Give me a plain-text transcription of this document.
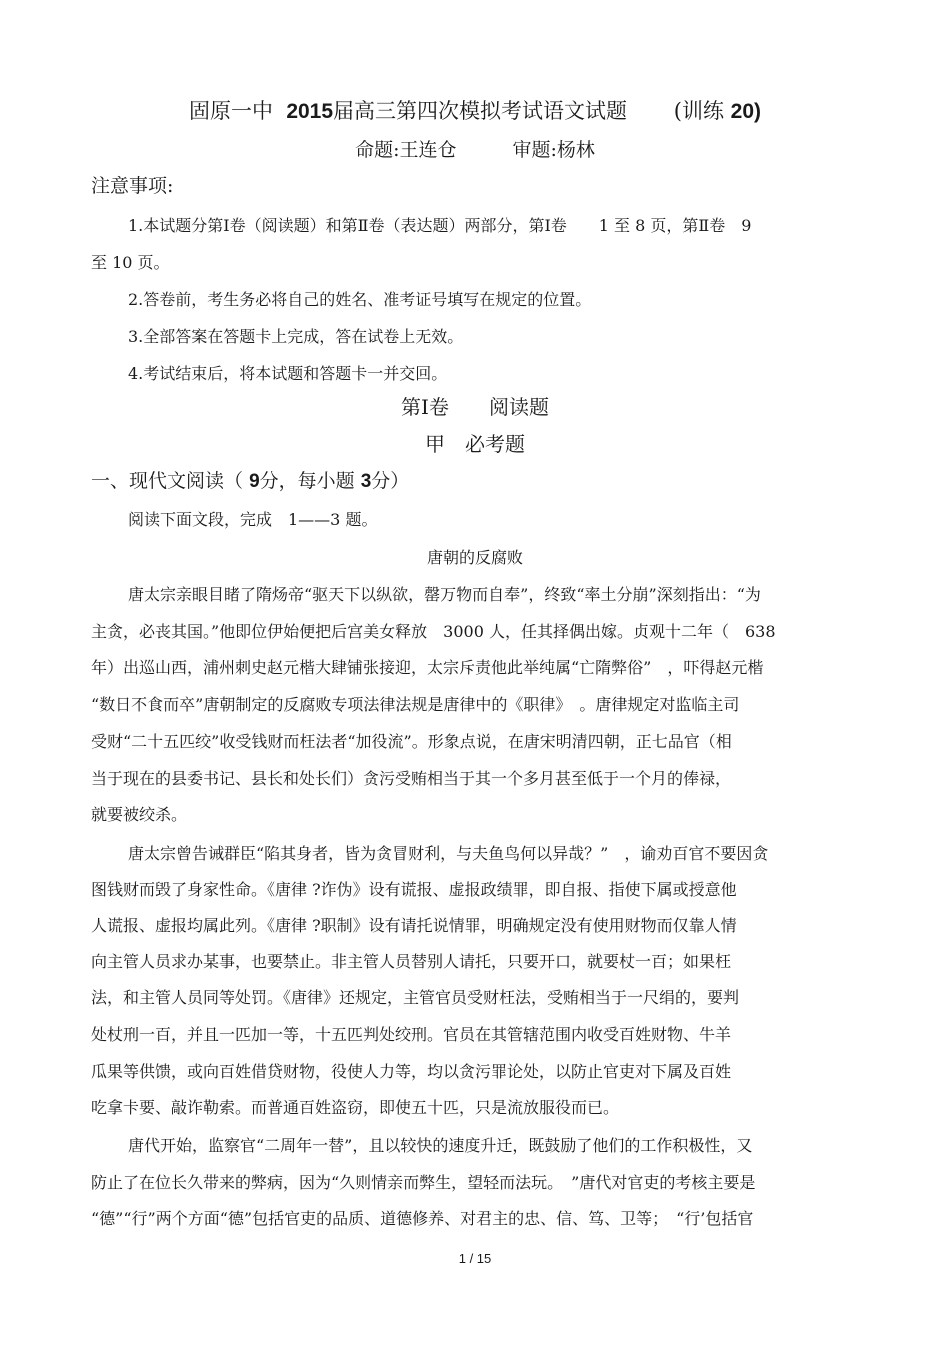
固原一中 2015届高三第四次模拟考试语文试题 (训练 20)
命题:王连仓	审题:杨林
注意事项:
1.本试题分第Ⅰ卷（阅读题）和第Ⅱ卷（表达题）两部分，第Ⅰ卷　　1 至 8 页，第Ⅱ卷　9
至 10 页。
2.答卷前，考生务必将自己的姓名、准考证号填写在规定的位置。
3.全部答案在答题卡上完成，答在试卷上无效。
4.考试结束后，将本试题和答题卡一并交回。
第Ⅰ卷　　阅读题
甲　必考题
一、现代文阅读（ 9分，每小题 3分）
阅读下面文段，完成　1——3 题。
唐朝的反腐败
唐太宗亲眼目睹了隋炀帝“驱天下以纵欲，罄万物而自奉”，终致“率土分崩”深刻指出：“为
主贪，必丧其国。”他即位伊始便把后宫美女释放　3000 人，任其择偶出嫁。贞观十二年（　638
年）出巡山西，浦州刺史赵元楷大肆铺张接迎，太宗斥责他此举纯属“亡隋弊俗”　，吓得赵元楷
“数日不食而卒”唐朝制定的反腐败专项法律法规是唐律中的《职律》　。唐律规定对监临主司
受财“二十五匹绞”收受钱财而枉法者“加役流”。形象点说，在唐宋明清四朝，正七品官（相
当于现在的县委书记、县长和处长们）贪污受贿相当于其一个多月甚至低于一个月的俸禄，
就要被绞杀。
唐太宗曾告诫群臣“陷其身者，皆为贪冒财利，与夫鱼鸟何以异哉？”　，谕劝百官不要因贪
图钱财而毁了身家性命。《唐律 ?诈伪》设有谎报、虚报政绩罪，即自报、指使下属或授意他
人谎报、虚报均属此列。《唐律 ?职制》设有请托说情罪，明确规定没有使用财物而仅靠人情
向主管人员求办某事，也要禁止。非主管人员替别人请托，只要开口，就要杖一百；如果枉
法，和主管人员同等处罚。《唐律》还规定，主管官员受财枉法，受贿相当于一尺绢的，要判
处杖刑一百，并且一匹加一等，十五匹判处绞刑。官员在其管辖范围内收受百姓财物、牛羊
瓜果等供馈，或向百姓借贷财物，役使人力等，均以贪污罪论处，以防止官吏对下属及百姓
吃拿卡要、敲诈勒索。而普通百姓盗窃，即使五十匹，只是流放服役而已。
唐代开始，监察官“二周年一替”，且以较快的速度升迁，既鼓励了他们的工作积极性，又
防止了在位长久带来的弊病，因为“久则情亲而弊生，望轻而法玩。　”唐代对官吏的考核主要是
“德”“行”两个方面“德”包括官吏的品质、道德修养、对君主的忠、信、笃、卫等；　“行’包括官
1 / 15
